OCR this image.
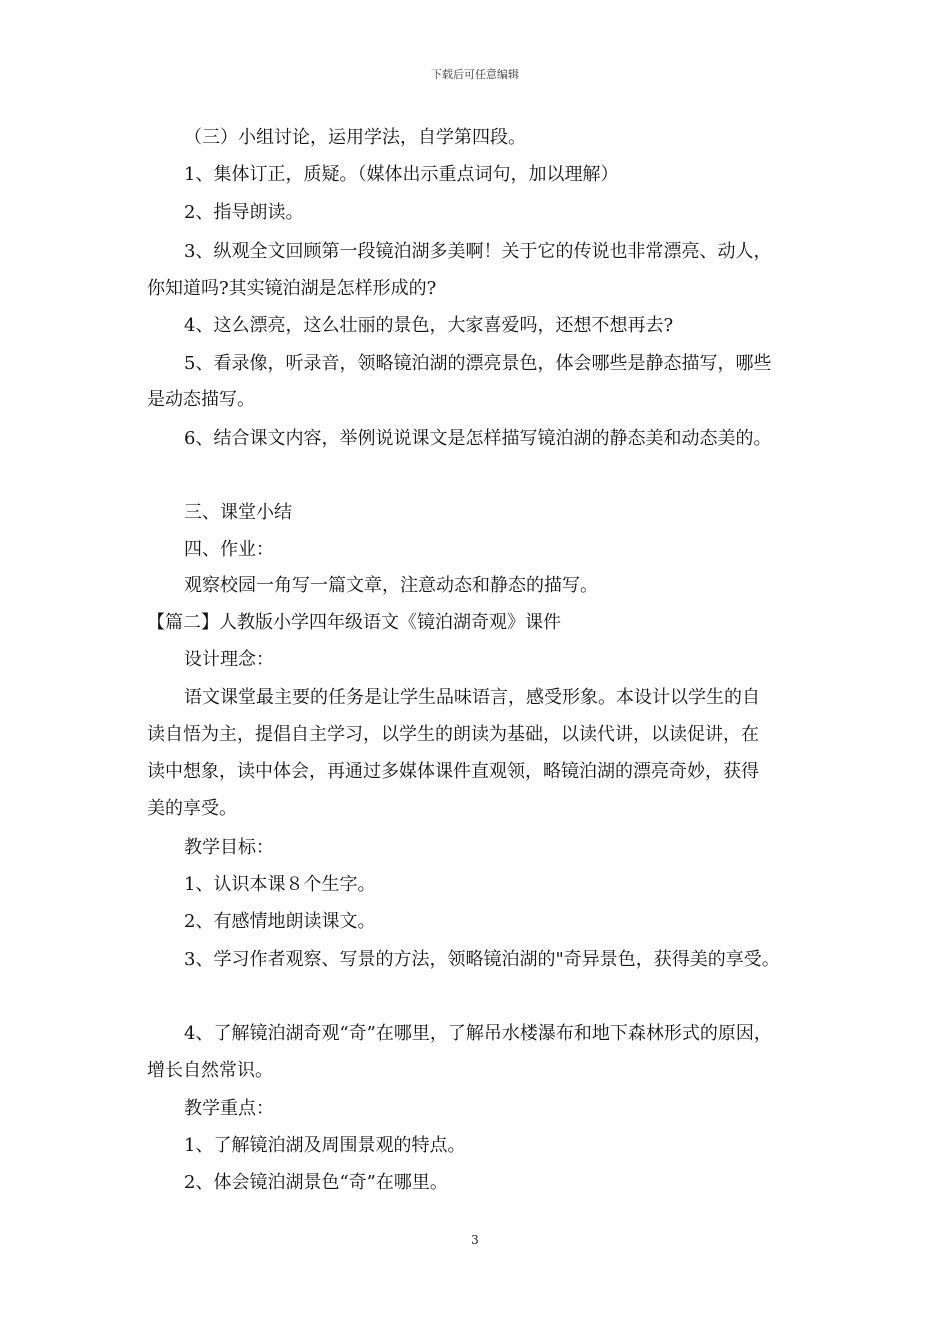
下载后可任意编辑
（三）小组讨论，运用学法，自学第四段。
1、集体订正，质疑。（媒体出示重点词句，加以理解）
2、指导朗读。
3、纵观全文回顾第一段镜泊湖多美啊！关于它的传说也非常漂亮、动人，
你知道吗?其实镜泊湖是怎样形成的?
4、这么漂亮，这么壮丽的景色，大家喜爱吗，还想不想再去?
5、看录像，听录音，领略镜泊湖的漂亮景色，体会哪些是静态描写，哪些
是动态描写。
6、结合课文内容，举例说说课文是怎样描写镜泊湖的静态美和动态美的。
三、课堂小结
四、作业：
观察校园一角写一篇文章，注意动态和静态的描写。
【篇二】人教版小学四年级语文《镜泊湖奇观》课件
设计理念：
语文课堂最主要的任务是让学生品味语言，感受形象。本设计以学生的自
读自悟为主，提倡自主学习，以学生的朗读为基础，以读代讲，以读促讲，在
读中想象，读中体会，再通过多媒体课件直观领，略镜泊湖的漂亮奇妙，获得
美的享受。
教学目标：
1、认识本课８个生字。
2、有感情地朗读课文。
3、学习作者观察、写景的方法，领略镜泊湖的"奇异景色，获得美的享受。
4、了解镜泊湖奇观“奇”在哪里，了解吊水楼瀑布和地下森林形式的原因，
增长自然常识。
教学重点：
1、了解镜泊湖及周围景观的特点。
2、体会镜泊湖景色“奇”在哪里。
3
